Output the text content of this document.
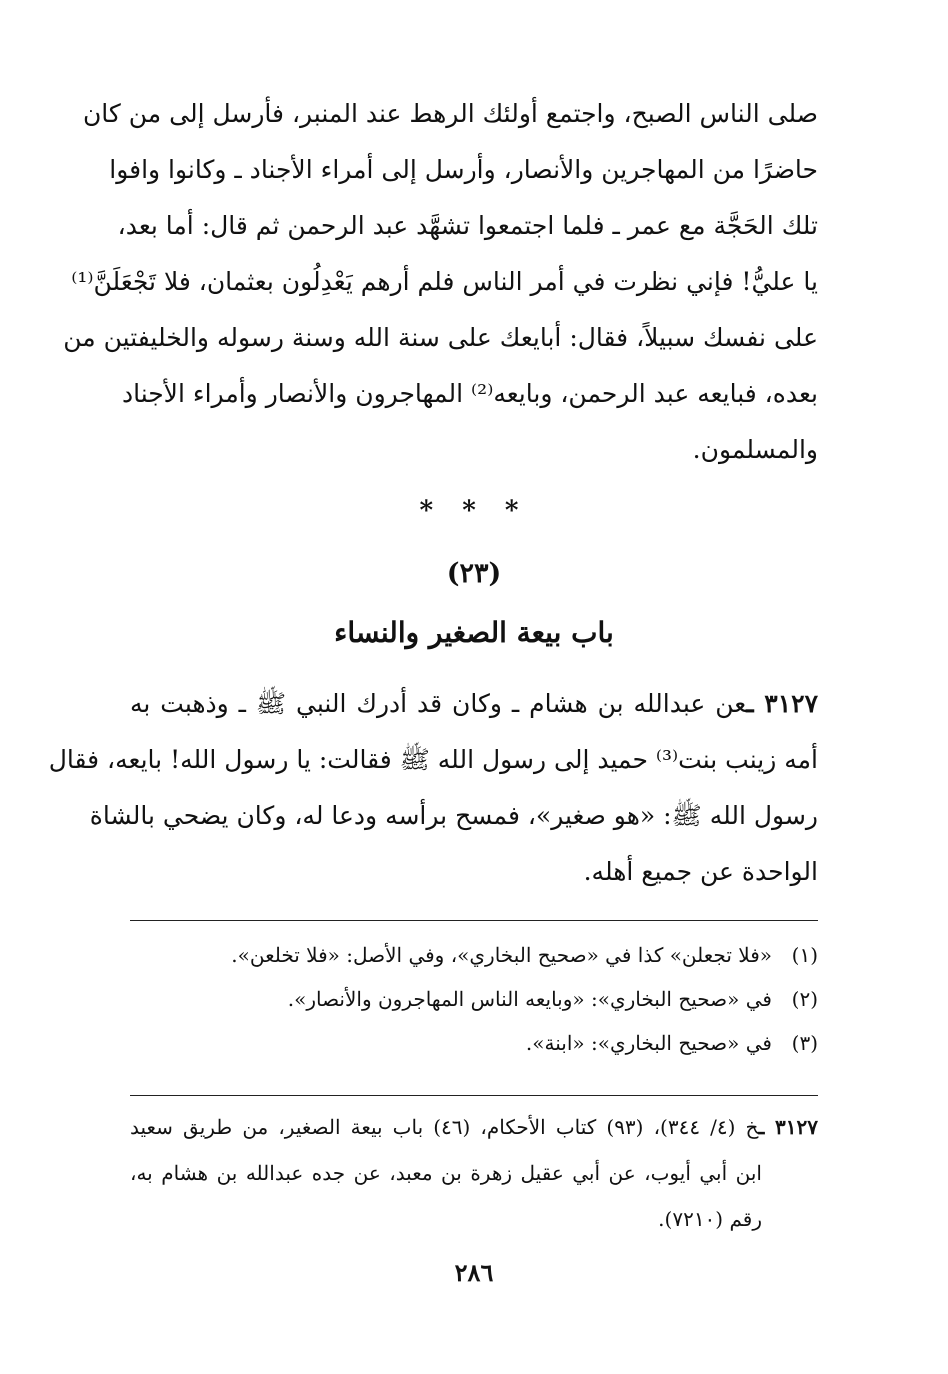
صلى الناس الصبح، واجتمع أولئك الرهط عند المنبر، فأرسل إلى من كان
حاضرًا من المهاجرين والأنصار، وأرسل إلى أمراء الأجناد ـ وكانوا وافوا
تلك الحَجَّة مع عمر ـ فلما اجتمعوا تشهَّد عبد الرحمن ثم قال: أما بعد،
يا عليُّ! فإني نظرت في أمر الناس فلم أرهم يَعْدِلُون بعثمان، فلا تَجْعَلَنَّ⁽¹⁾
على نفسك سبيلاً، فقال: أبايعك على سنة الله وسنة رسوله والخليفتين من
بعده، فبايعه عبد الرحمن، وبايعه⁽²⁾ المهاجرون والأنصار وأمراء الأجناد
والمسلمون.
* * *
(٢٣)
باب بيعة الصغير والنساء
٣١٢٧ ـعن عبدالله بن هشام ـ وكان قد أدرك النبي ﷺ ـ وذهبت به
أمه زينب بنت⁽³⁾ حميد إلى رسول الله ﷺ فقالت: يا رسول الله! بايعه، فقال
رسول الله ﷺ: «هو صغير»، فمسح برأسه ودعا له، وكان يضحي بالشاة
الواحدة عن جميع أهله.
(١)
«فلا تجعلن» كذا في «صحيح البخاري»، وفي الأصل: «فلا تخلعن».
(٢)
في «صحيح البخاري»: «وبايعه الناس المهاجرون والأنصار».
(٣)
في «صحيح البخاري»: «ابنة».
٣١٢٧ ـخ (٤/ ٣٤٤)، (٩٣) كتاب الأحكام، (٤٦) باب بيعة الصغير، من طريق سعيد
ابن أبي أيوب، عن أبي عقيل زهرة بن معبد، عن جده عبدالله بن هشام به،
رقم (٧٢١٠).
٢٨٦
